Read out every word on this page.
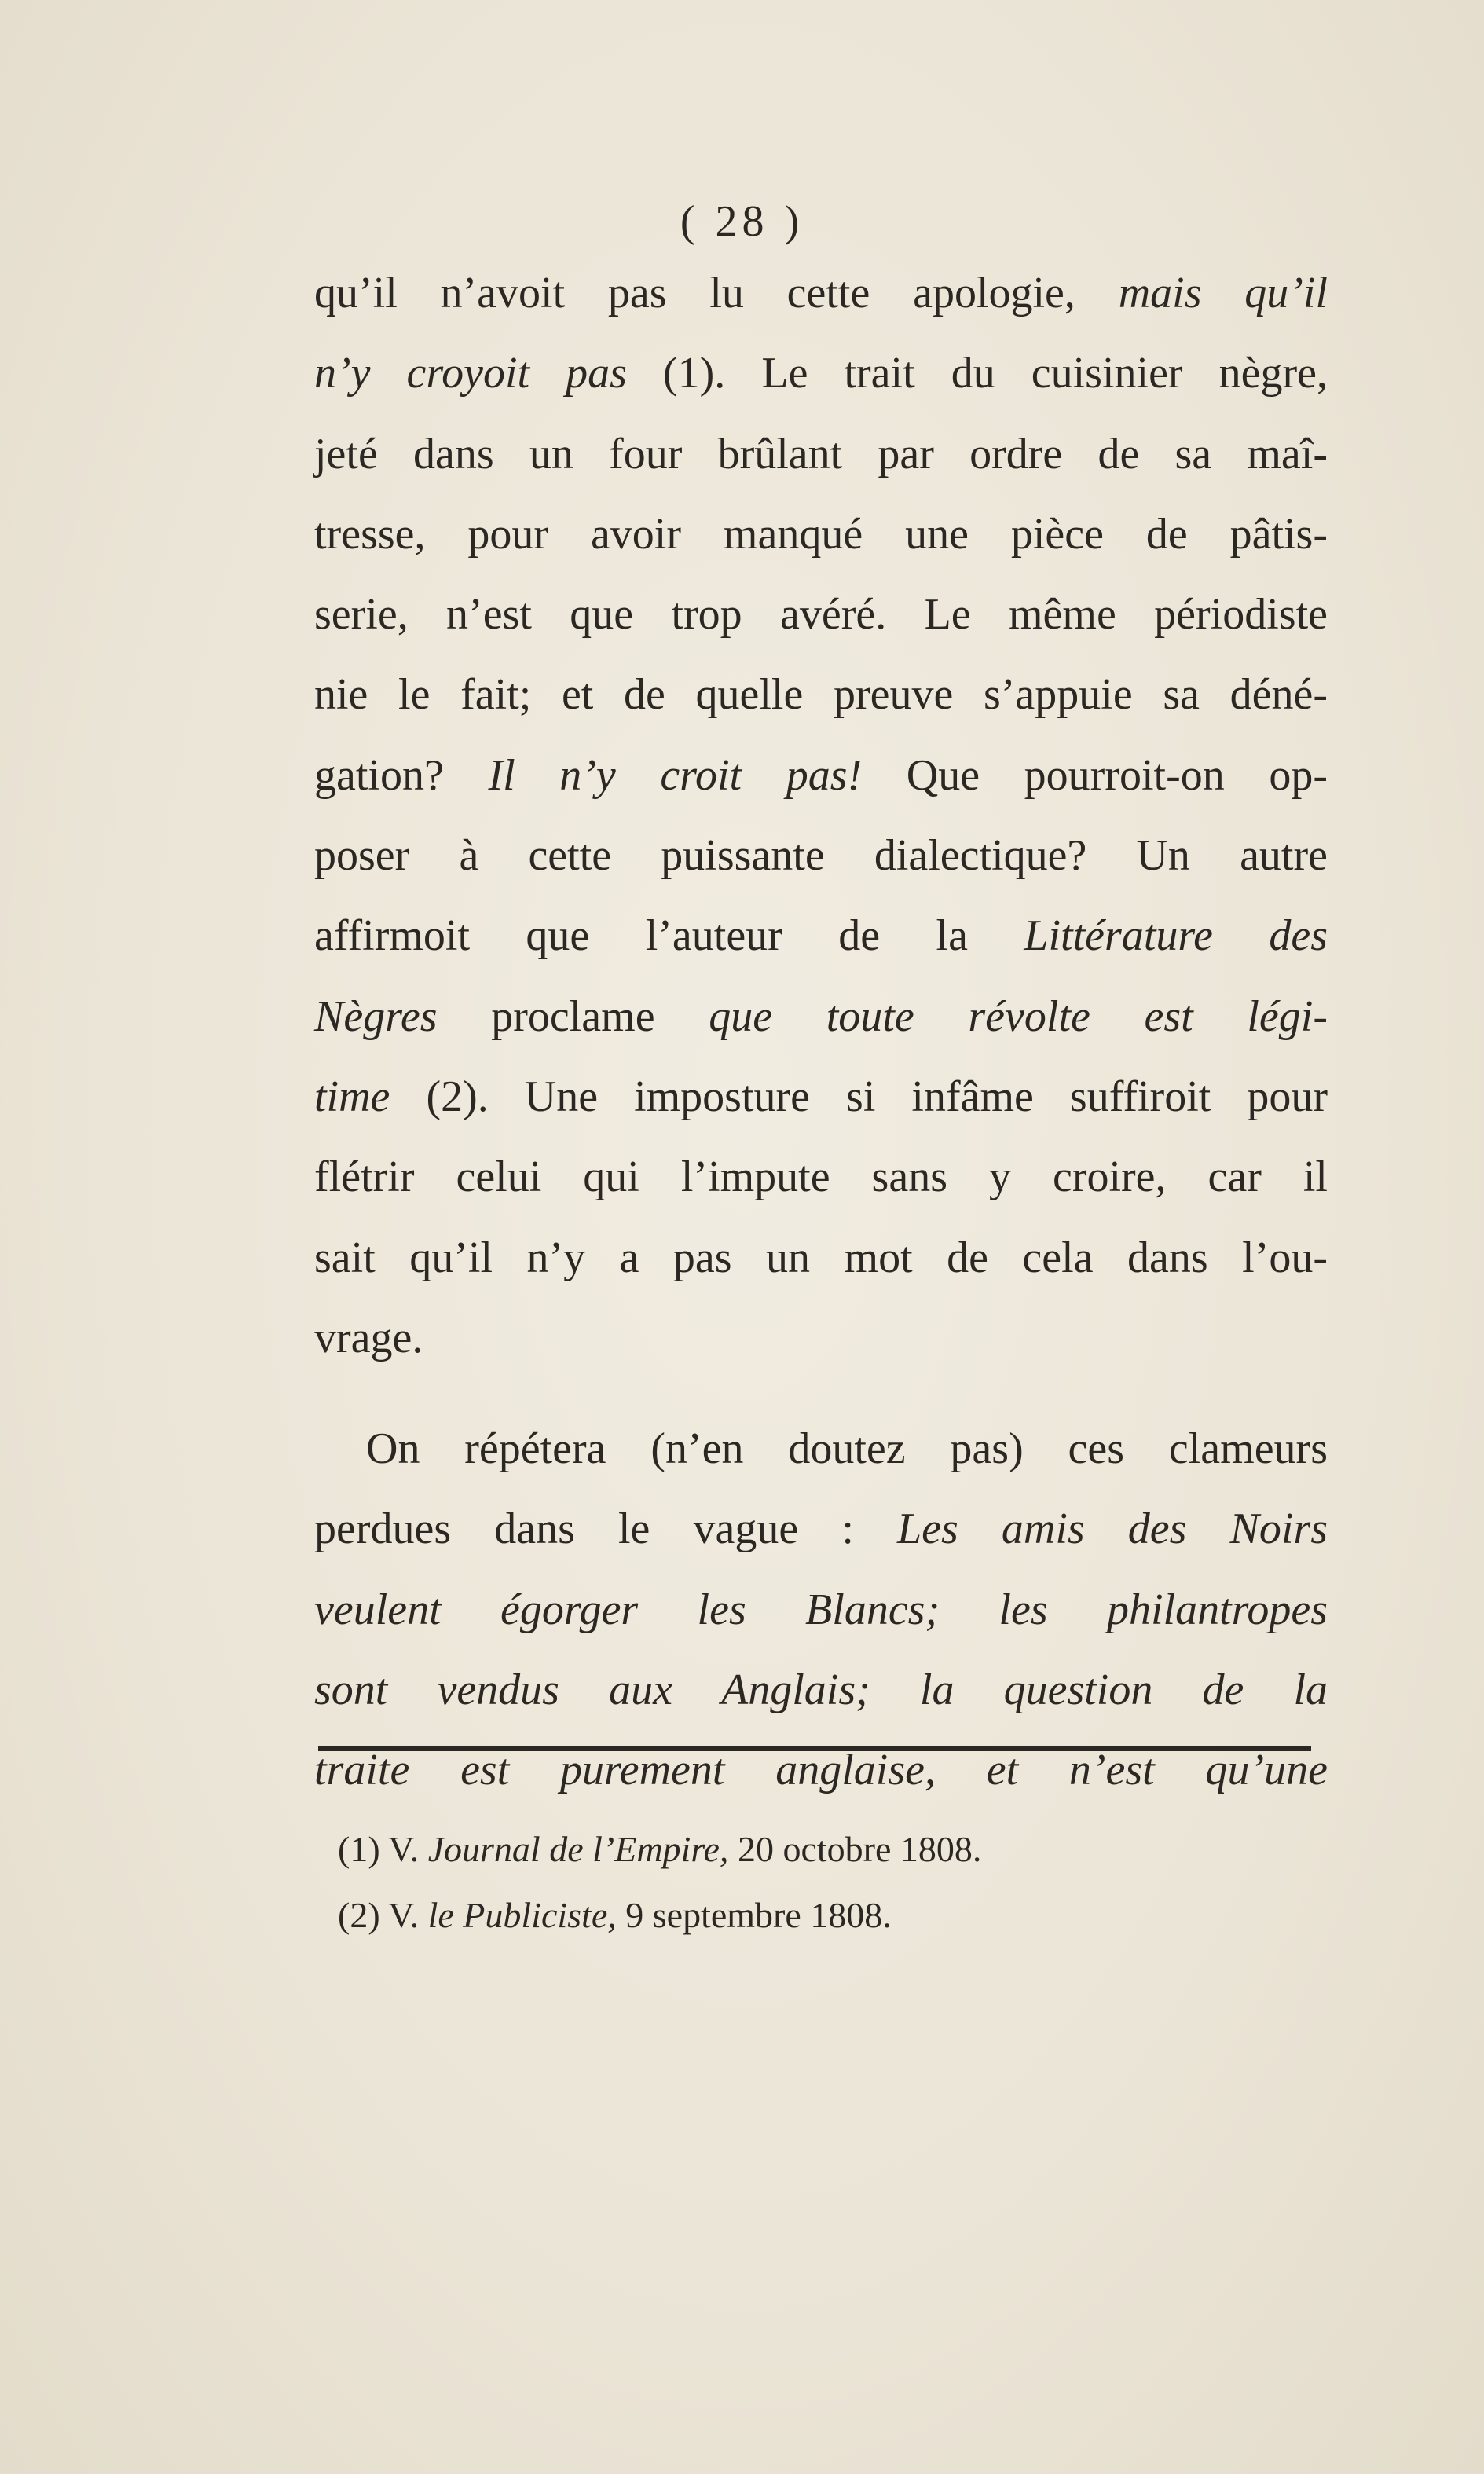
( 28 )
qu’il n’avoit pas lu cette apologie, mais qu’il
n’y croyoit pas (1). Le trait du cuisinier nègre,
jeté dans un four brûlant par ordre de sa maî-
tresse, pour avoir manqué une pièce de pâtis-
serie, n’est que trop avéré. Le même périodiste
nie le fait; et de quelle preuve s’appuie sa déné-
gation? Il n’y croit pas! Que pourroit-on op-
poser à cette puissante dialectique? Un autre
affirmoit que l’auteur de la Littérature des
Nègres proclame que toute révolte est légi-
time (2). Une imposture si infâme suffiroit pour
flétrir celui qui l’impute sans y croire, car il
sait qu’il n’y a pas un mot de cela dans l’ou-
vrage.
On répétera (n’en doutez pas) ces clameurs
perdues dans le vague : Les amis des Noirs
veulent égorger les Blancs; les philantropes
sont vendus aux Anglais; la question de la
traite est purement anglaise, et n’est qu’une
(1) V. Journal de l’Empire, 20 octobre 1808.
(2) V. le Publiciste, 9 septembre 1808.
